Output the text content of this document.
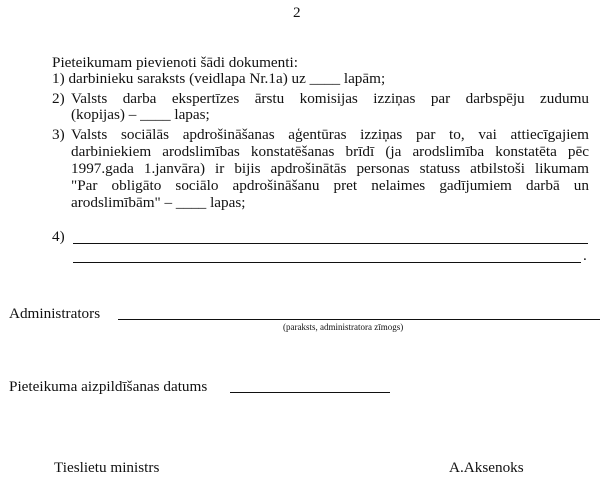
2
Pieteikumam pievienoti šādi dokumenti:
1) darbinieku saraksts (veidlapa Nr.1a) uz ____ lapām;
2) Valsts darba ekspertīzes ārstu komisijas izziņas par darbspēju zudumu
(kopijas) – ____ lapas;
3) Valsts sociālās apdrošināšanas aģentūras izziņas par to, vai attiecīgajiem
darbiniekiem arodslimības konstatēšanas brīdī (ja arodslimība konstatēta pēc
1997.gada 1.janvāra) ir bijis apdrošinātās personas statuss atbilstoši likumam
"Par obligāto sociālo apdrošināšanu pret nelaimes gadījumiem darbā un
arodslimībām" – ____ lapas;
4)
.
Administrators
(paraksts, administratora zīmogs)
Pieteikuma aizpildīšanas datums
Tieslietu ministrs	A.Aksenoks
